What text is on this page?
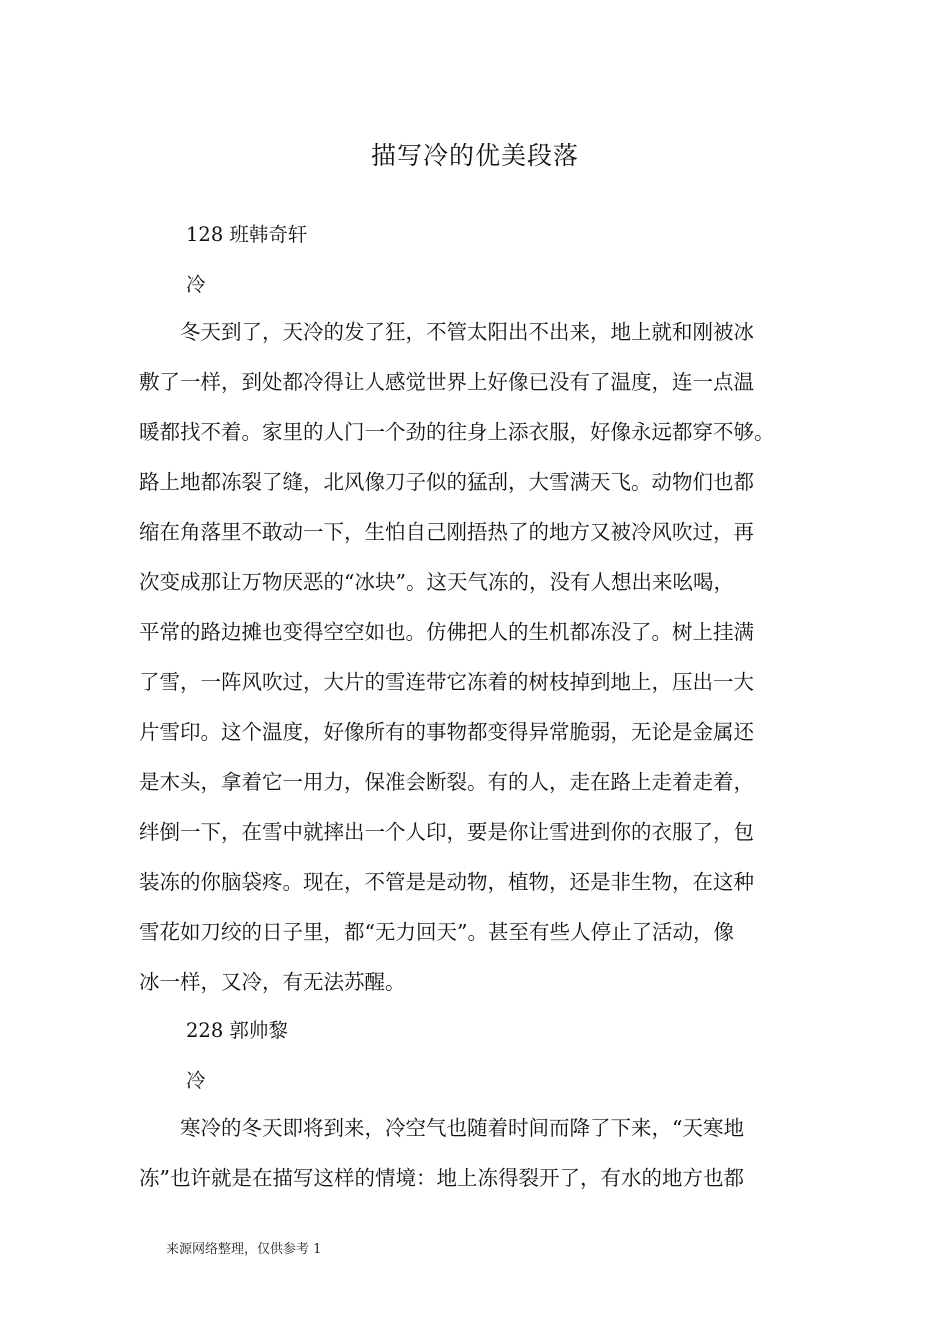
描写冷的优美段落
128 班韩奇轩
冷
　　冬天到了，天冷的发了狂，不管太阳出不出来，地上就和刚被冰
敷了一样，到处都冷得让人感觉世界上好像已没有了温度，连一点温
暖都找不着。家里的人门一个劲的往身上添衣服，好像永远都穿不够。
路上地都冻裂了缝，北风像刀子似的猛刮，大雪满天飞。动物们也都
缩在角落里不敢动一下，生怕自己刚捂热了的地方又被冷风吹过，再
次变成那让万物厌恶的“冰块”。这天气冻的，没有人想出来吆喝，
平常的路边摊也变得空空如也。仿佛把人的生机都冻没了。树上挂满
了雪，一阵风吹过，大片的雪连带它冻着的树枝掉到地上，压出一大
片雪印。这个温度，好像所有的事物都变得异常脆弱，无论是金属还
是木头，拿着它一用力，保准会断裂。有的人，走在路上走着走着，
绊倒一下，在雪中就摔出一个人印，要是你让雪进到你的衣服了，包
装冻的你脑袋疼。现在，不管是是动物，植物，还是非生物，在这种
雪花如刀绞的日子里，都“无力回天”。甚至有些人停止了活动，像
冰一样，又冷，有无法苏醒。
228 郭帅黎
冷
　　寒冷的冬天即将到来，冷空气也随着时间而降了下来，“天寒地
冻”也许就是在描写这样的情境：地上冻得裂开了，有水的地方也都
来源网络整理，仅供参考 1
